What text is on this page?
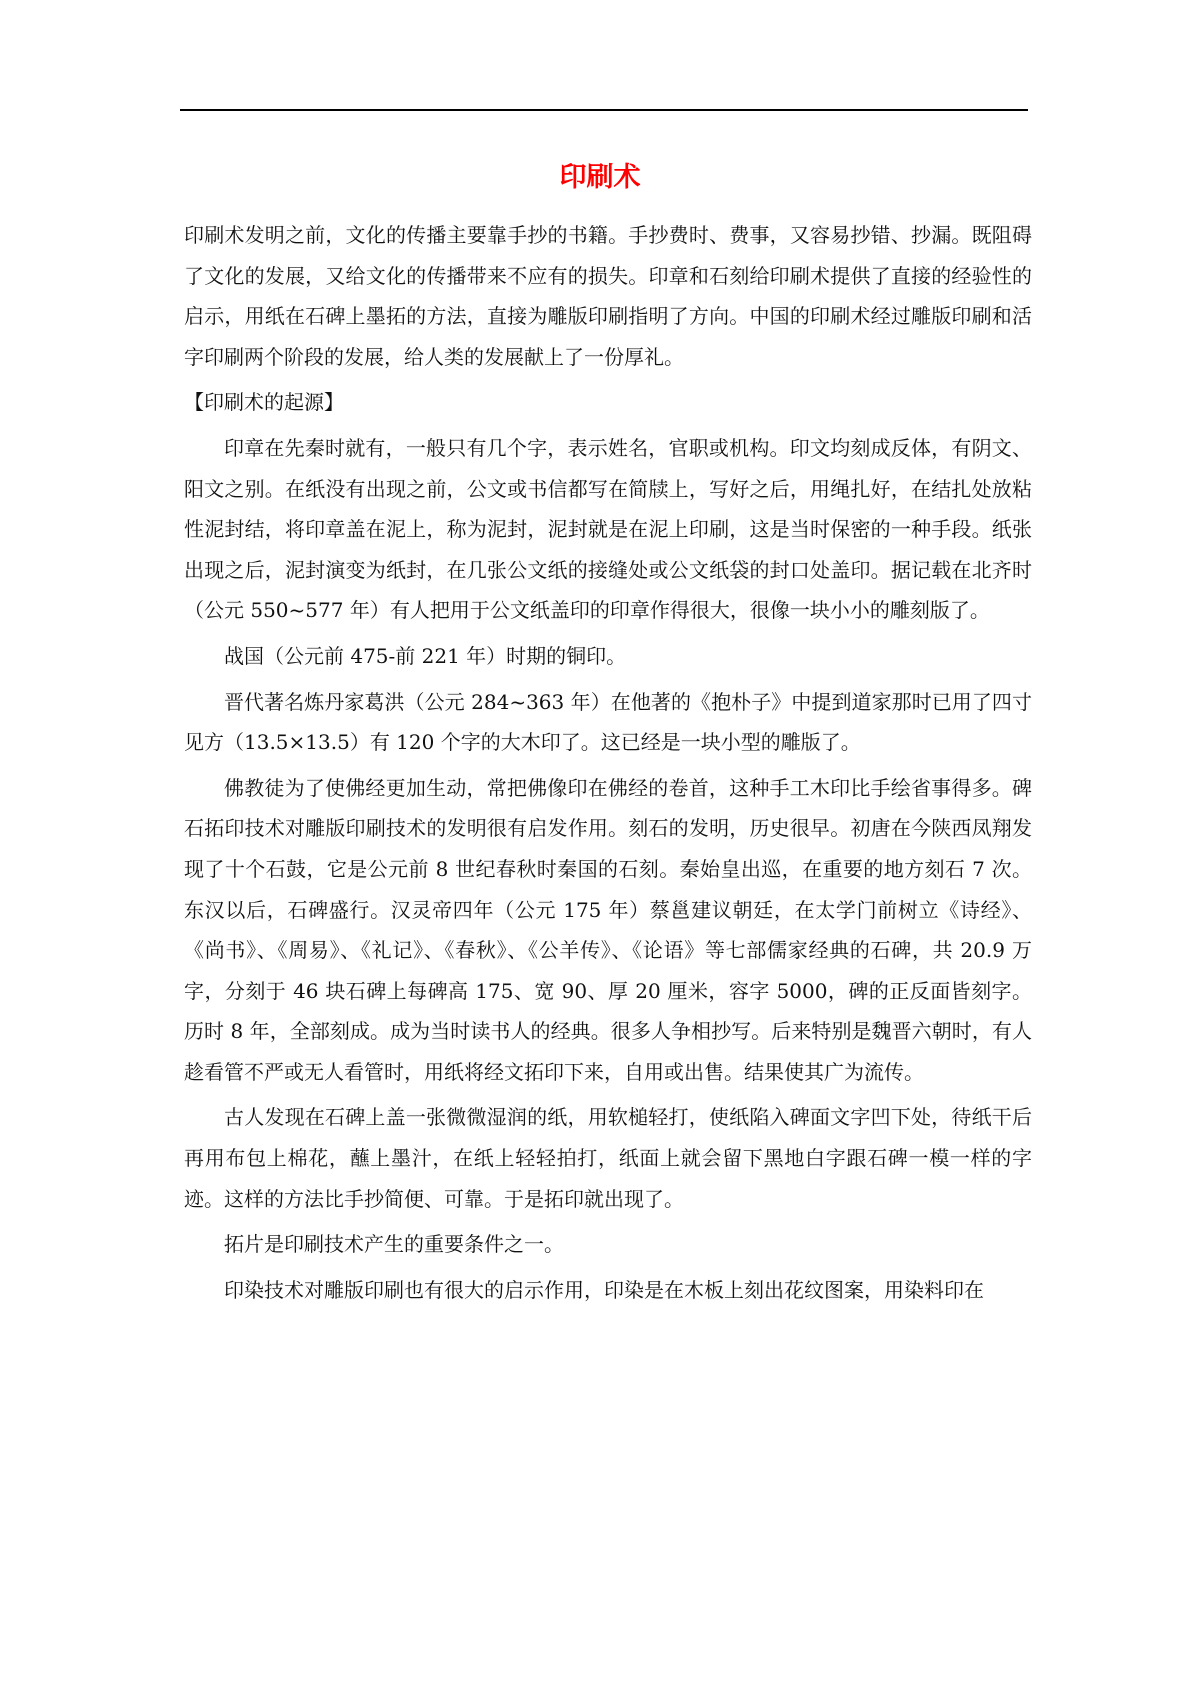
印刷术

印刷术发明之前，文化的传播主要靠手抄的书籍。手抄费时、费事，又容易抄错、抄漏。既阻碍了文化的发展，又给文化的传播带来不应有的损失。印章和石刻给印刷术提供了直接的经验性的启示，用纸在石碑上墨拓的方法，直接为雕版印刷指明了方向。中国的印刷术经过雕版印刷和活字印刷两个阶段的发展，给人类的发展献上了一份厚礼。

【印刷术的起源】

印章在先秦时就有，一般只有几个字，表示姓名，官职或机构。印文均刻成反体，有阴文、阳文之别。在纸没有出现之前，公文或书信都写在简牍上，写好之后，用绳扎好，在结扎处放粘性泥封结，将印章盖在泥上，称为泥封，泥封就是在泥上印刷，这是当时保密的一种手段。纸张出现之后，泥封演变为纸封，在几张公文纸的接缝处或公文纸袋的封口处盖印。据记载在北齐时（公元 550~577 年）有人把用于公文纸盖印的印章作得很大，很像一块小小的雕刻版了。

战国（公元前 475-前 221 年）时期的铜印。

晋代著名炼丹家葛洪（公元 284~363 年）在他著的《抱朴子》中提到道家那时已用了四寸见方（13.5×13.5）有 120 个字的大木印了。这已经是一块小型的雕版了。

佛教徒为了使佛经更加生动，常把佛像印在佛经的卷首，这种手工木印比手绘省事得多。碑石拓印技术对雕版印刷技术的发明很有启发作用。刻石的发明，历史很早。初唐在今陕西凤翔发现了十个石鼓，它是公元前 8 世纪春秋时秦国的石刻。秦始皇出巡，在重要的地方刻石 7 次。东汉以后，石碑盛行。汉灵帝四年（公元 175 年）蔡邕建议朝廷，在太学门前树立《诗经》、《尚书》、《周易》、《礼记》、《春秋》、《公羊传》、《论语》等七部儒家经典的石碑，共 20.9 万字，分刻于 46 块石碑上每碑高 175、宽 90、厚 20 厘米，容字 5000，碑的正反面皆刻字。历时 8 年，全部刻成。成为当时读书人的经典。很多人争相抄写。后来特别是魏晋六朝时，有人趁看管不严或无人看管时，用纸将经文拓印下来，自用或出售。结果使其广为流传。

古人发现在石碑上盖一张微微湿润的纸，用软槌轻打，使纸陷入碑面文字凹下处，待纸干后再用布包上棉花，蘸上墨汁，在纸上轻轻拍打，纸面上就会留下黑地白字跟石碑一模一样的字迹。这样的方法比手抄简便、可靠。于是拓印就出现了。

拓片是印刷技术产生的重要条件之一。

印染技术对雕版印刷也有很大的启示作用，印染是在木板上刻出花纹图案，用染料印在
